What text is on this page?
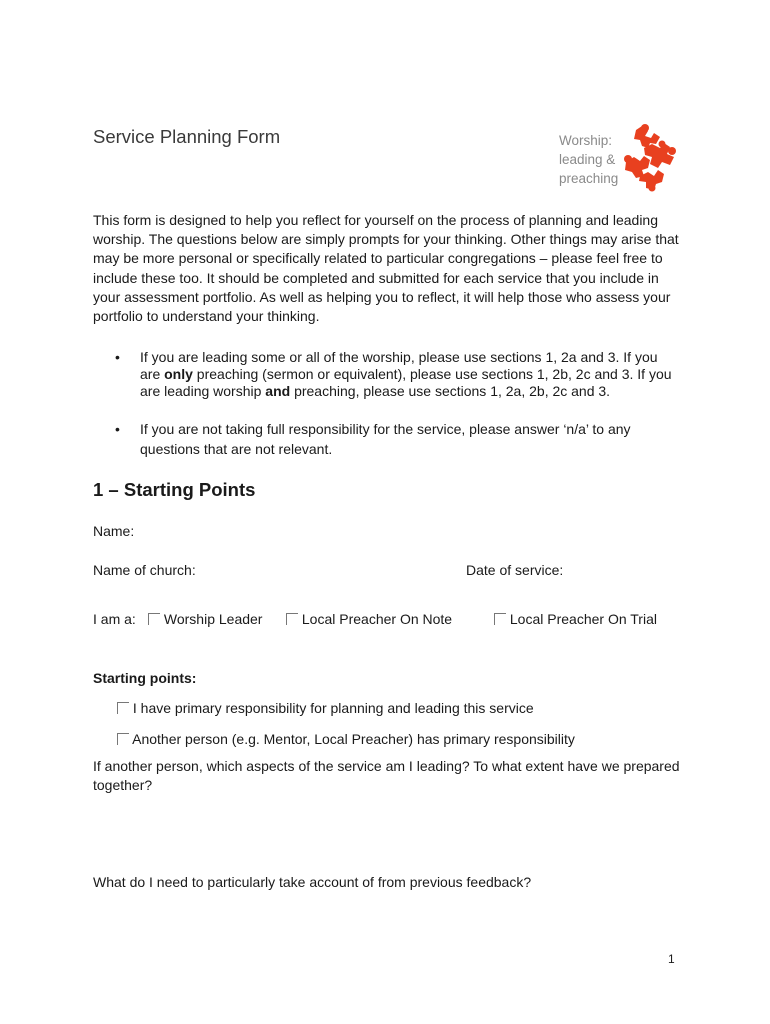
Service Planning Form	Worship:
leading &
preaching

This form is designed to help you reflect for yourself on the process of planning and leading worship. The questions below are simply prompts for your thinking. Other things may arise that may be more personal or specifically related to particular congregations – please feel free to include these too. It should be completed and submitted for each service that you include in your assessment portfolio. As well as helping you to reflect, it will help those who assess your portfolio to understand your thinking.

• If you are leading some or all of the worship, please use sections 1, 2a and 3. If you are only preaching (sermon or equivalent), please use sections 1, 2b, 2c and 3. If you are leading worship and preaching, please use sections 1, 2a, 2b, 2c and 3.
• If you are not taking full responsibility for the service, please answer ‘n/a’ to any questions that are not relevant.
1 – Starting Points
Name:
Name of church:	Date of service:
I am a:	Worship Leader	Local Preacher On Note	Local Preacher On Trial
Starting points:
I have primary responsibility for planning and leading this service
Another person (e.g. Mentor, Local Preacher) has primary responsibility
If another person, which aspects of the service am I leading? To what extent have we prepared together?
What do I need to particularly take account of from previous feedback?
1
